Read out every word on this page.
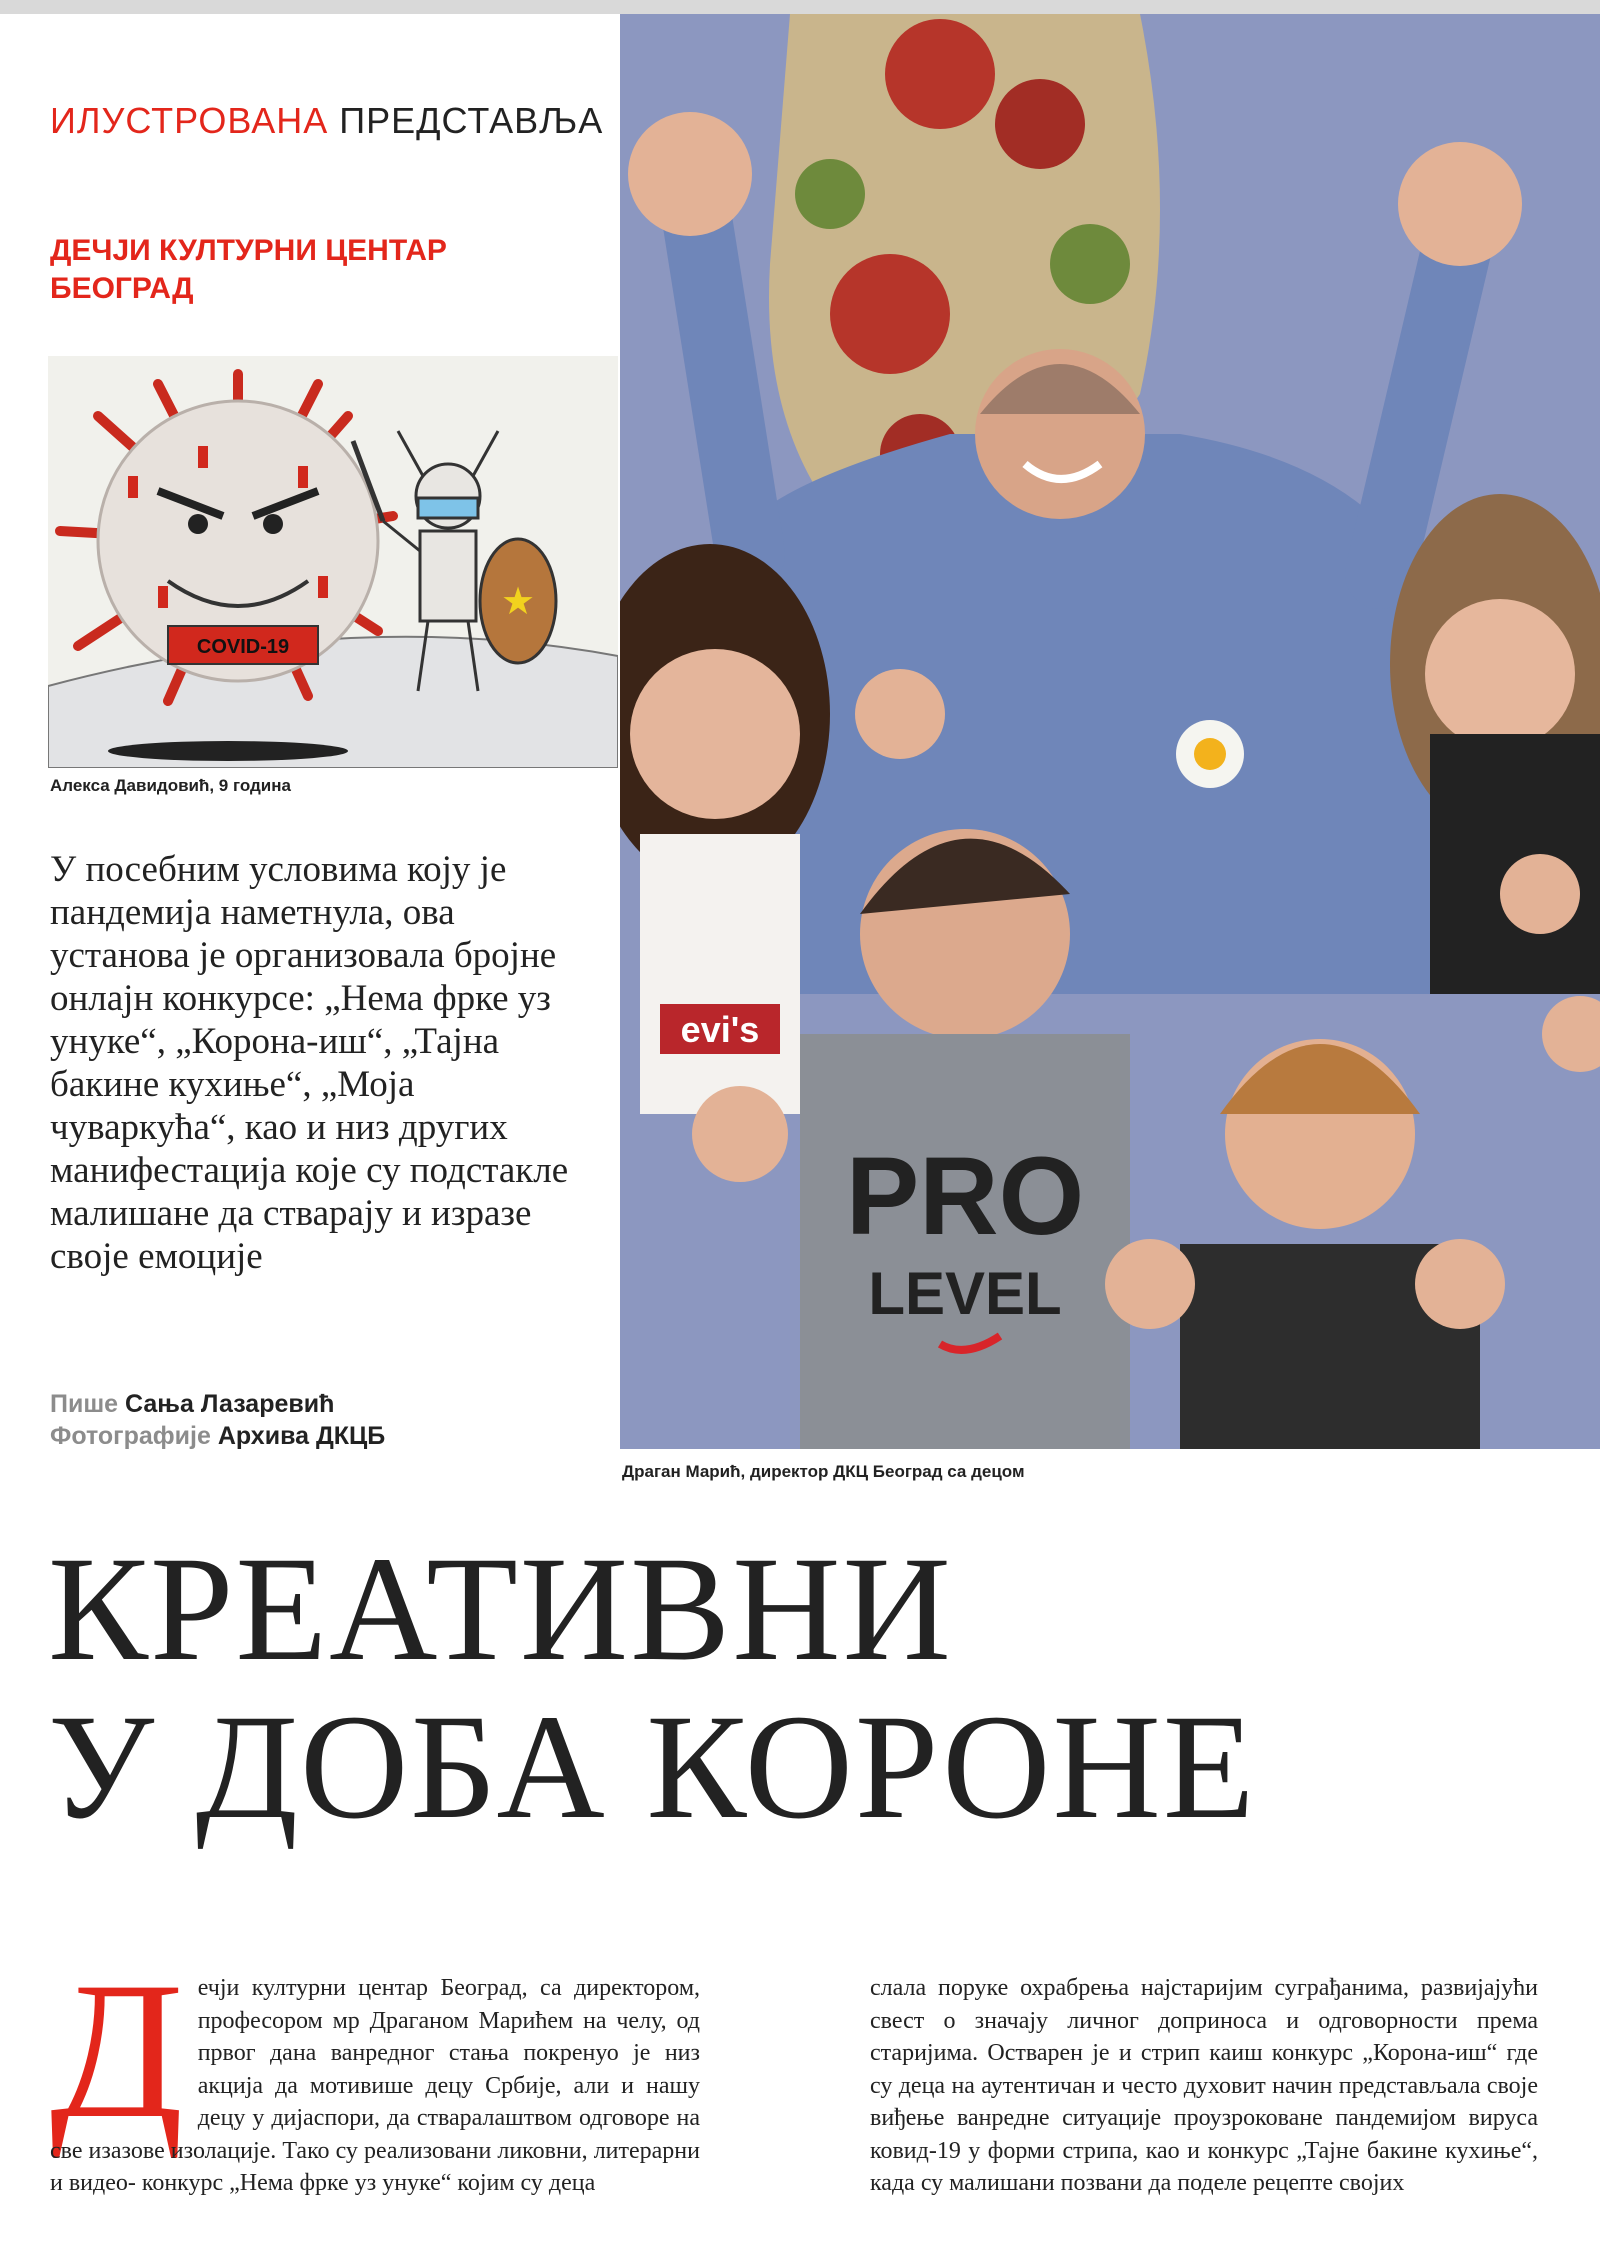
ИЛУСТРОВАНА ПРЕДСТАВЉА
ДЕЧЈИ КУЛТУРНИ ЦЕНТАР
БЕОГРАД
COVID-19
★
Алекса Давидовић, 9 година
У посебним условима коју је пандемија наметнула, ова установа је организовала бројне онлајн конкурсе: „Нема фрке уз унуке“, „Корона-иш“, „Тајна бакине кухиње“, „Моја чуваркућа“, као и низ других манифестација које су подстакле малишане да стварају и изразе своје емоције
Пише Сања Лазаревић
Фотографије Архива ДКЦБ
evi's
PRO
LEVEL
Драган Марић, директор ДКЦ Београд са децом
КРЕАТИВНИ
У ДОБА КОРОНЕ
Д ечји културни центар Београд, са директором, професором мр Драганом Марићем на челу, од првог дана ванредног стања покренуо је низ акција да мотивише децу Србије, али и нашу децу у дијаспори, да стваралаштвом одговоре на све изазове изолације. Тако су реализовани ликовни, литерарни и видео- конкурс „Нема фрке уз унуке“ којим су деца
слала поруке охрабрења најстаријим суграђанима, развијајући свест о значају личног доприноса и одговорности према старијима. Остварен је и стрип каиш конкурс „Корона-иш“ где су деца на аутентичан и често духовит начин представљала своје виђење ванредне ситуације проузроковане пандемијом вируса ковид-19 у форми стрипа, као и конкурс „Тајне бакине кухиње“, када су малишани позвани да поделе рецепте својих
